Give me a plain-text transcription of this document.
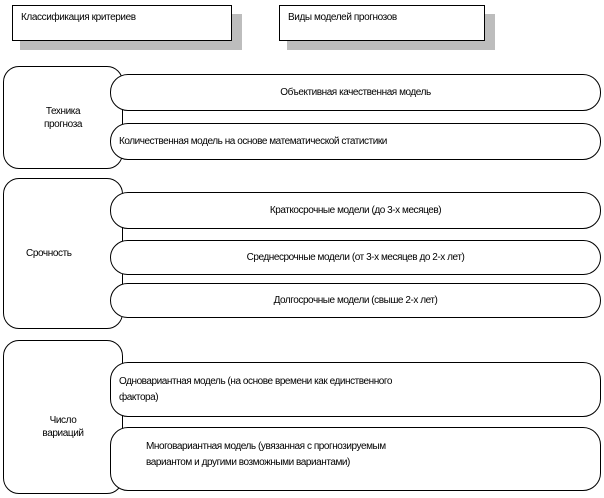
Классификация критериев	Виды моделей прогнозов
Техника
прогноза
Объективная качественная модель
Количественная модель на основе математической статистики
Срочность
Краткосрочные модели (до 3-х месяцев)
Среднесрочные модели (от 3-х месяцев до 2-х лет)
Долгосрочные модели (свыше 2-х лет)
Число
вариаций
Одновариантная модель (на основе времени как единственного
фактора)
Многовариантная модель (увязанная с прогнозируемым
вариантом и другими возможными вариантами)
